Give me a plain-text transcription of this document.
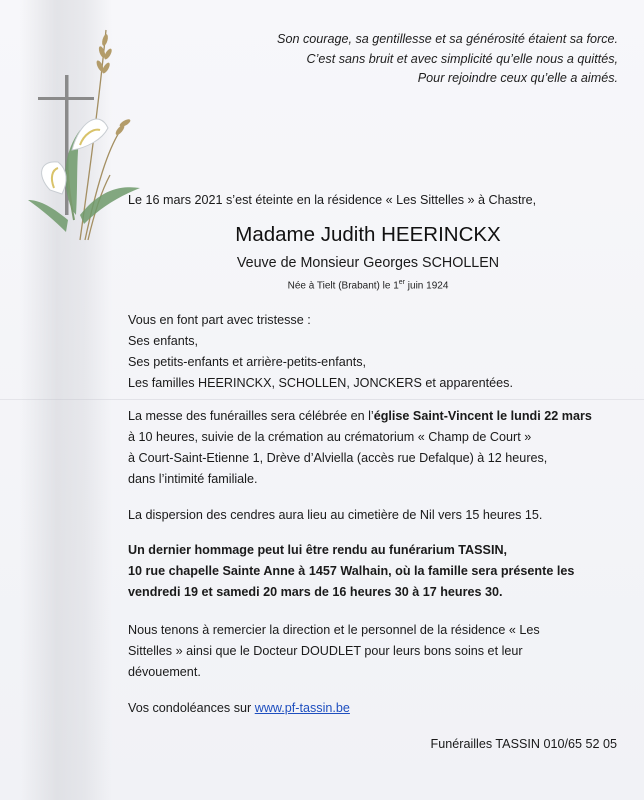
Son courage, sa gentillesse et sa générosité étaient sa force.
C’est sans bruit et avec simplicité qu’elle nous a quittés,
Pour rejoindre ceux qu’elle a aimés.
Le 16 mars 2021 s’est éteinte en la résidence « Les Sittelles » à Chastre,
Madame Judith HEERINCKX
Veuve de Monsieur Georges SCHOLLEN
Née à Tielt (Brabant) le 1er juin 1924
Vous en font part avec tristesse :
Ses enfants,
Ses petits-enfants et arrière-petits-enfants,
Les familles HEERINCKX, SCHOLLEN, JONCKERS et apparentées.
La messe des funérailles sera célébrée en l’église Saint-Vincent le lundi 22 mars
à 10 heures, suivie de la crémation au crématorium « Champ de Court »
à Court-Saint-Etienne 1, Drève d’Alviella (accès rue Defalque) à 12 heures,
dans l’intimité familiale.
La dispersion des cendres aura lieu au cimetière de Nil vers 15 heures 15.
Un dernier hommage peut lui être rendu au funérarium TASSIN,
10 rue chapelle Sainte Anne à 1457 Walhain, où la famille sera présente les
vendredi 19 et samedi 20 mars de 16 heures 30 à 17 heures 30.
Nous tenons à remercier la direction et le personnel de la résidence « Les
Sittelles » ainsi que le Docteur DOUDLET pour leurs bons soins et leur
dévouement.
Vos condoléances sur www.pf-tassin.be
Funérailles TASSIN 010/65 52 05
